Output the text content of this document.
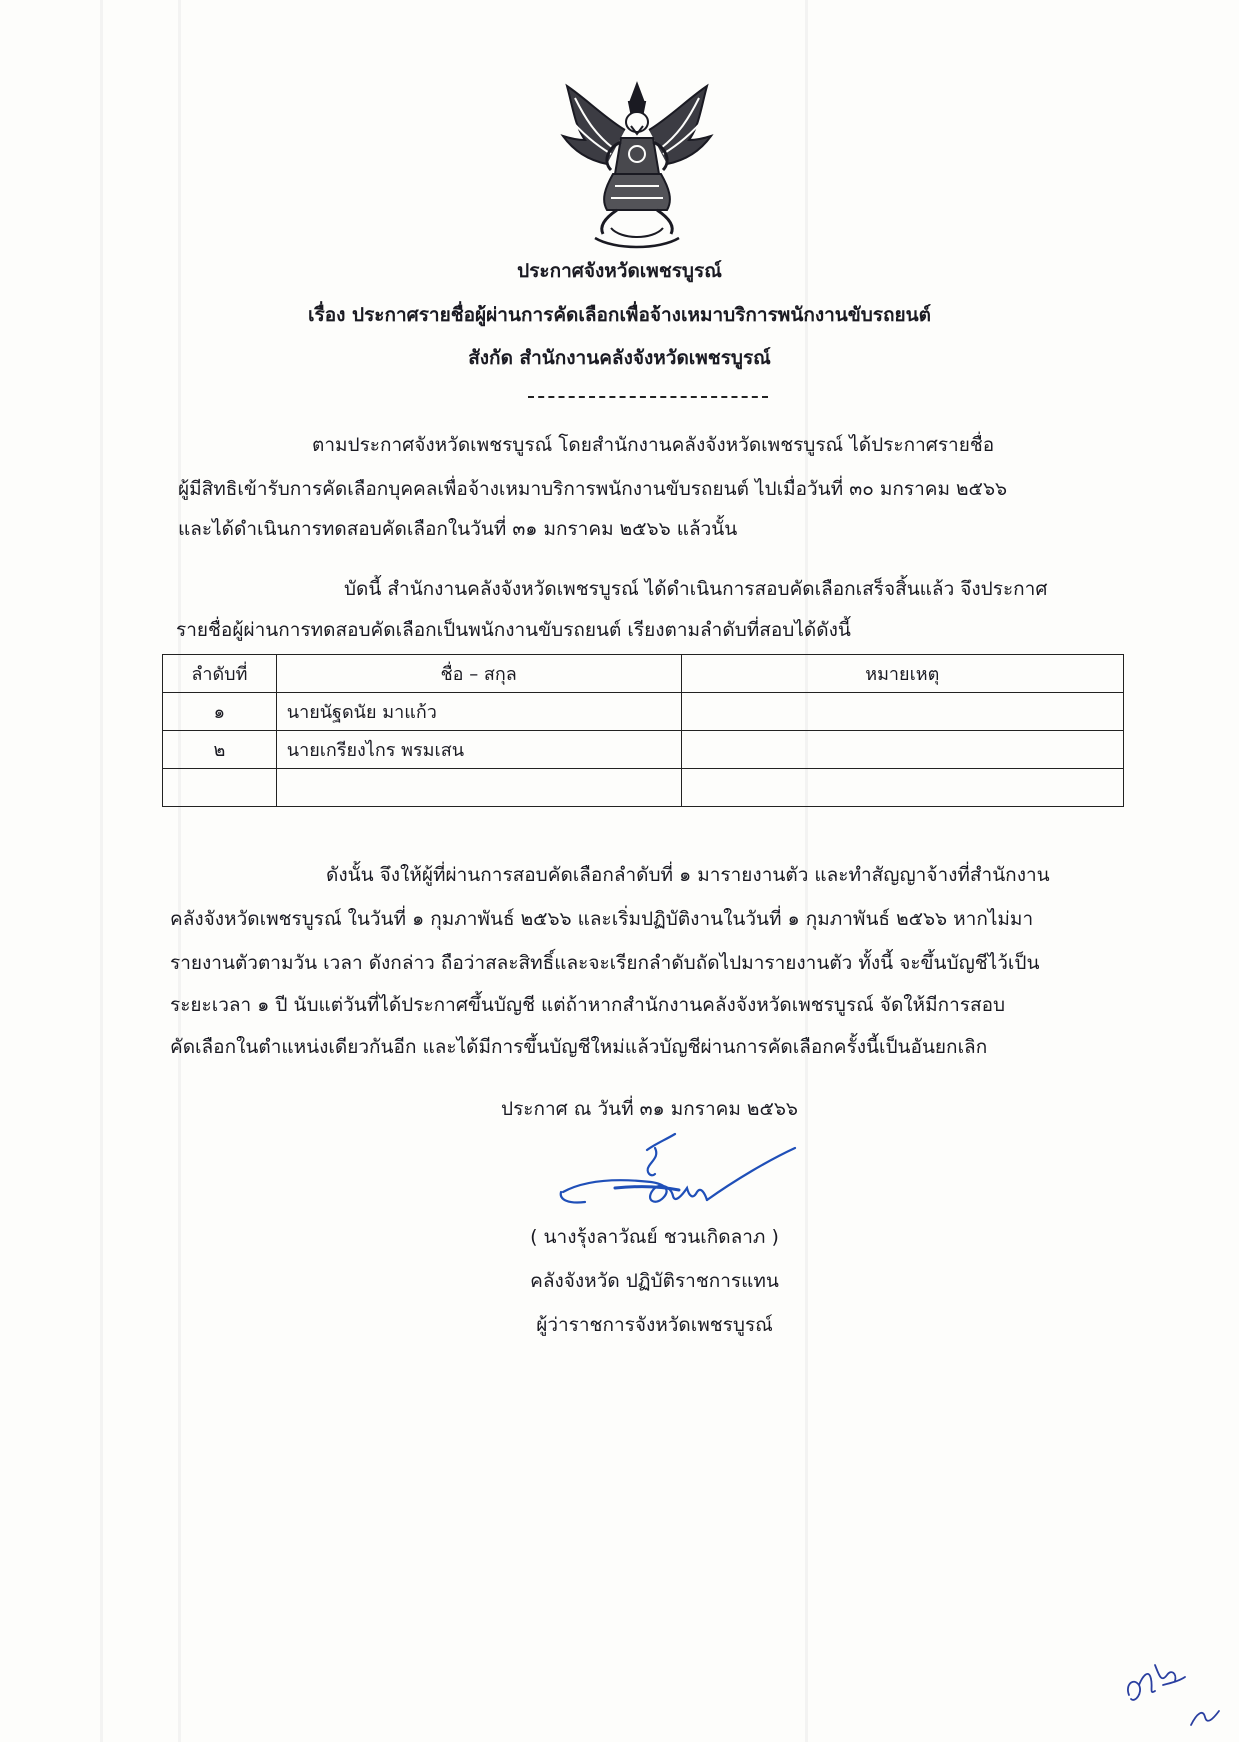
ประกาศจังหวัดเพชรบูรณ์
เรื่อง ประกาศรายชื่อผู้ผ่านการคัดเลือกเพื่อจ้างเหมาบริการพนักงานขับรถยนต์
สังกัด สำนักงานคลังจังหวัดเพชรบูรณ์
ตามประกาศจังหวัดเพชรบูรณ์ โดยสำนักงานคลังจังหวัดเพชรบูรณ์ ได้ประกาศรายชื่อ
ผู้มีสิทธิเข้ารับการคัดเลือกบุคคลเพื่อจ้างเหมาบริการพนักงานขับรถยนต์ ไปเมื่อวันที่ ๓๐ มกราคม ๒๕๖๖
และได้ดำเนินการทดสอบคัดเลือกในวันที่ ๓๑ มกราคม ๒๕๖๖ แล้วนั้น
บัดนี้ สำนักงานคลังจังหวัดเพชรบูรณ์ ได้ดำเนินการสอบคัดเลือกเสร็จสิ้นแล้ว จึงประกาศ
รายชื่อผู้ผ่านการทดสอบคัดเลือกเป็นพนักงานขับรถยนต์ เรียงตามลำดับที่สอบได้ดังนี้
ลำดับที่	ชื่อ – สกุล	หมายเหตุ
๑	นายนัฐดนัย มาแก้ว	
๒	นายเกรียงไกร พรมเสน	

ดังนั้น จึงให้ผู้ที่ผ่านการสอบคัดเลือกลำดับที่ ๑ มารายงานตัว และทำสัญญาจ้างที่สำนักงาน
คลังจังหวัดเพชรบูรณ์ ในวันที่ ๑ กุมภาพันธ์ ๒๕๖๖ และเริ่มปฏิบัติงานในวันที่ ๑ กุมภาพันธ์ ๒๕๖๖ หากไม่มา
รายงานตัวตามวัน เวลา ดังกล่าว ถือว่าสละสิทธิ์และจะเรียกลำดับถัดไปมารายงานตัว ทั้งนี้ จะขึ้นบัญชีไว้เป็น
ระยะเวลา ๑ ปี นับแต่วันที่ได้ประกาศขึ้นบัญชี แต่ถ้าหากสำนักงานคลังจังหวัดเพชรบูรณ์ จัดให้มีการสอบ
คัดเลือกในตำแหน่งเดียวกันอีก และได้มีการขึ้นบัญชีใหม่แล้วบัญชีผ่านการคัดเลือกครั้งนี้เป็นอันยกเลิก
ประกาศ ณ วันที่ ๓๑ มกราคม ๒๕๖๖
( นางรุ้งลาวัณย์ ชวนเกิดลาภ )
คลังจังหวัด ปฏิบัติราชการแทน
ผู้ว่าราชการจังหวัดเพชรบูรณ์
